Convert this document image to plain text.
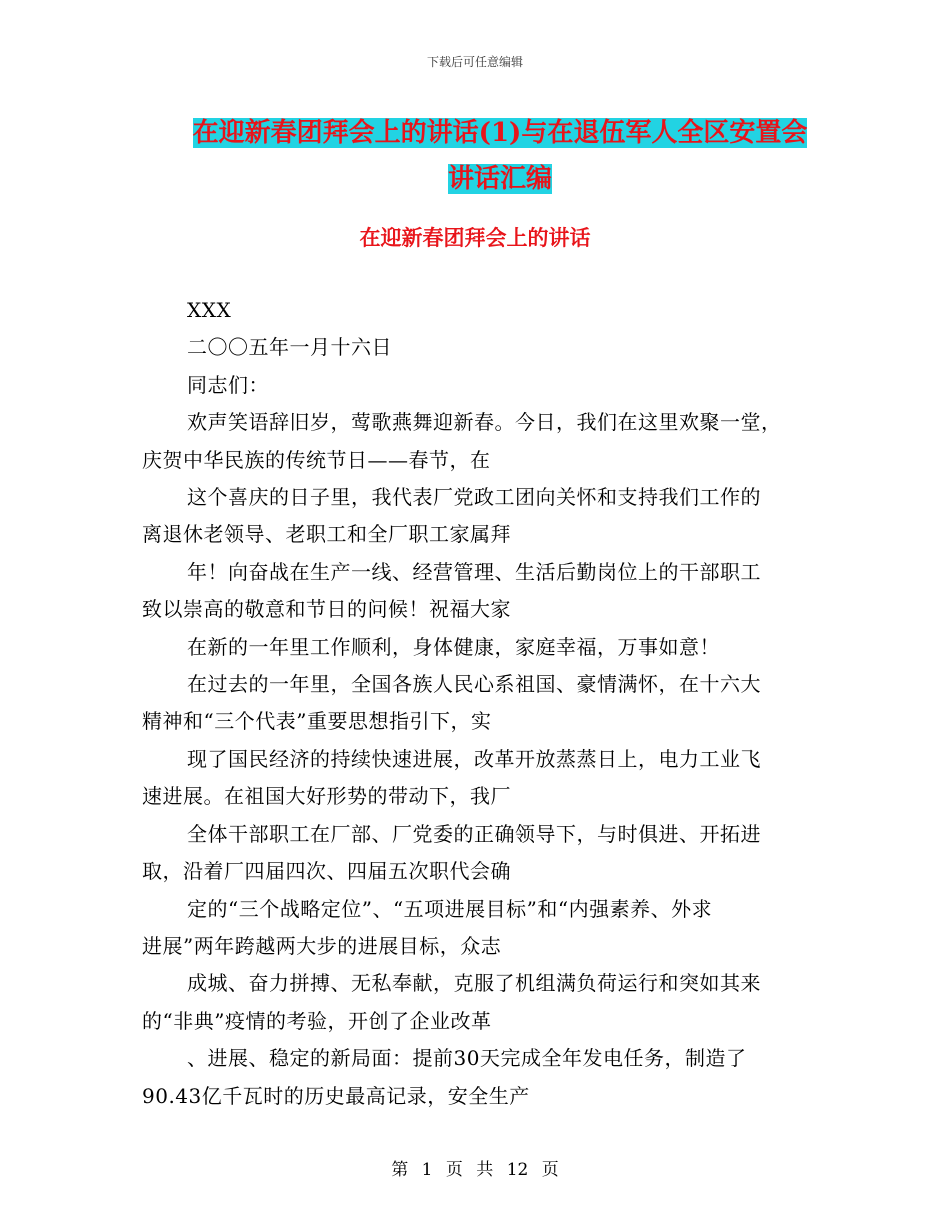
下载后可任意编辑
在迎新春团拜会上的讲话(1)与在退伍军人全区安置会
讲话汇编
在迎新春团拜会上的讲话

XXX

二〇〇五年一月十六日

同志们：

欢声笑语辞旧岁，莺歌燕舞迎新春。今日，我们在这里欢聚一堂，

庆贺中华民族的传统节日——春节，在

这个喜庆的日子里，我代表厂党政工团向关怀和支持我们工作的

离退休老领导、老职工和全厂职工家属拜

年！向奋战在生产一线、经营管理、生活后勤岗位上的干部职工

致以崇高的敬意和节日的问候！祝福大家

在新的一年里工作顺利，身体健康，家庭幸福，万事如意！

在过去的一年里，全国各族人民心系祖国、豪情满怀，在十六大

精神和“三个代表”重要思想指引下，实

现了国民经济的持续快速进展，改革开放蒸蒸日上，电力工业飞

速进展。在祖国大好形势的带动下，我厂

全体干部职工在厂部、厂党委的正确领导下，与时俱进、开拓进

取，沿着厂四届四次、四届五次职代会确

定的“三个战略定位”、“五项进展目标”和“内强素养、外求

进展”两年跨越两大步的进展目标，众志

成城、奋力拼搏、无私奉献，克服了机组满负荷运行和突如其来

的“非典”疫情的考验，开创了企业改革

、进展、稳定的新局面：提前30天完成全年发电任务，制造了

90.43亿千瓦时的历史最高记录，安全生产

第 1 页 共 12 页
